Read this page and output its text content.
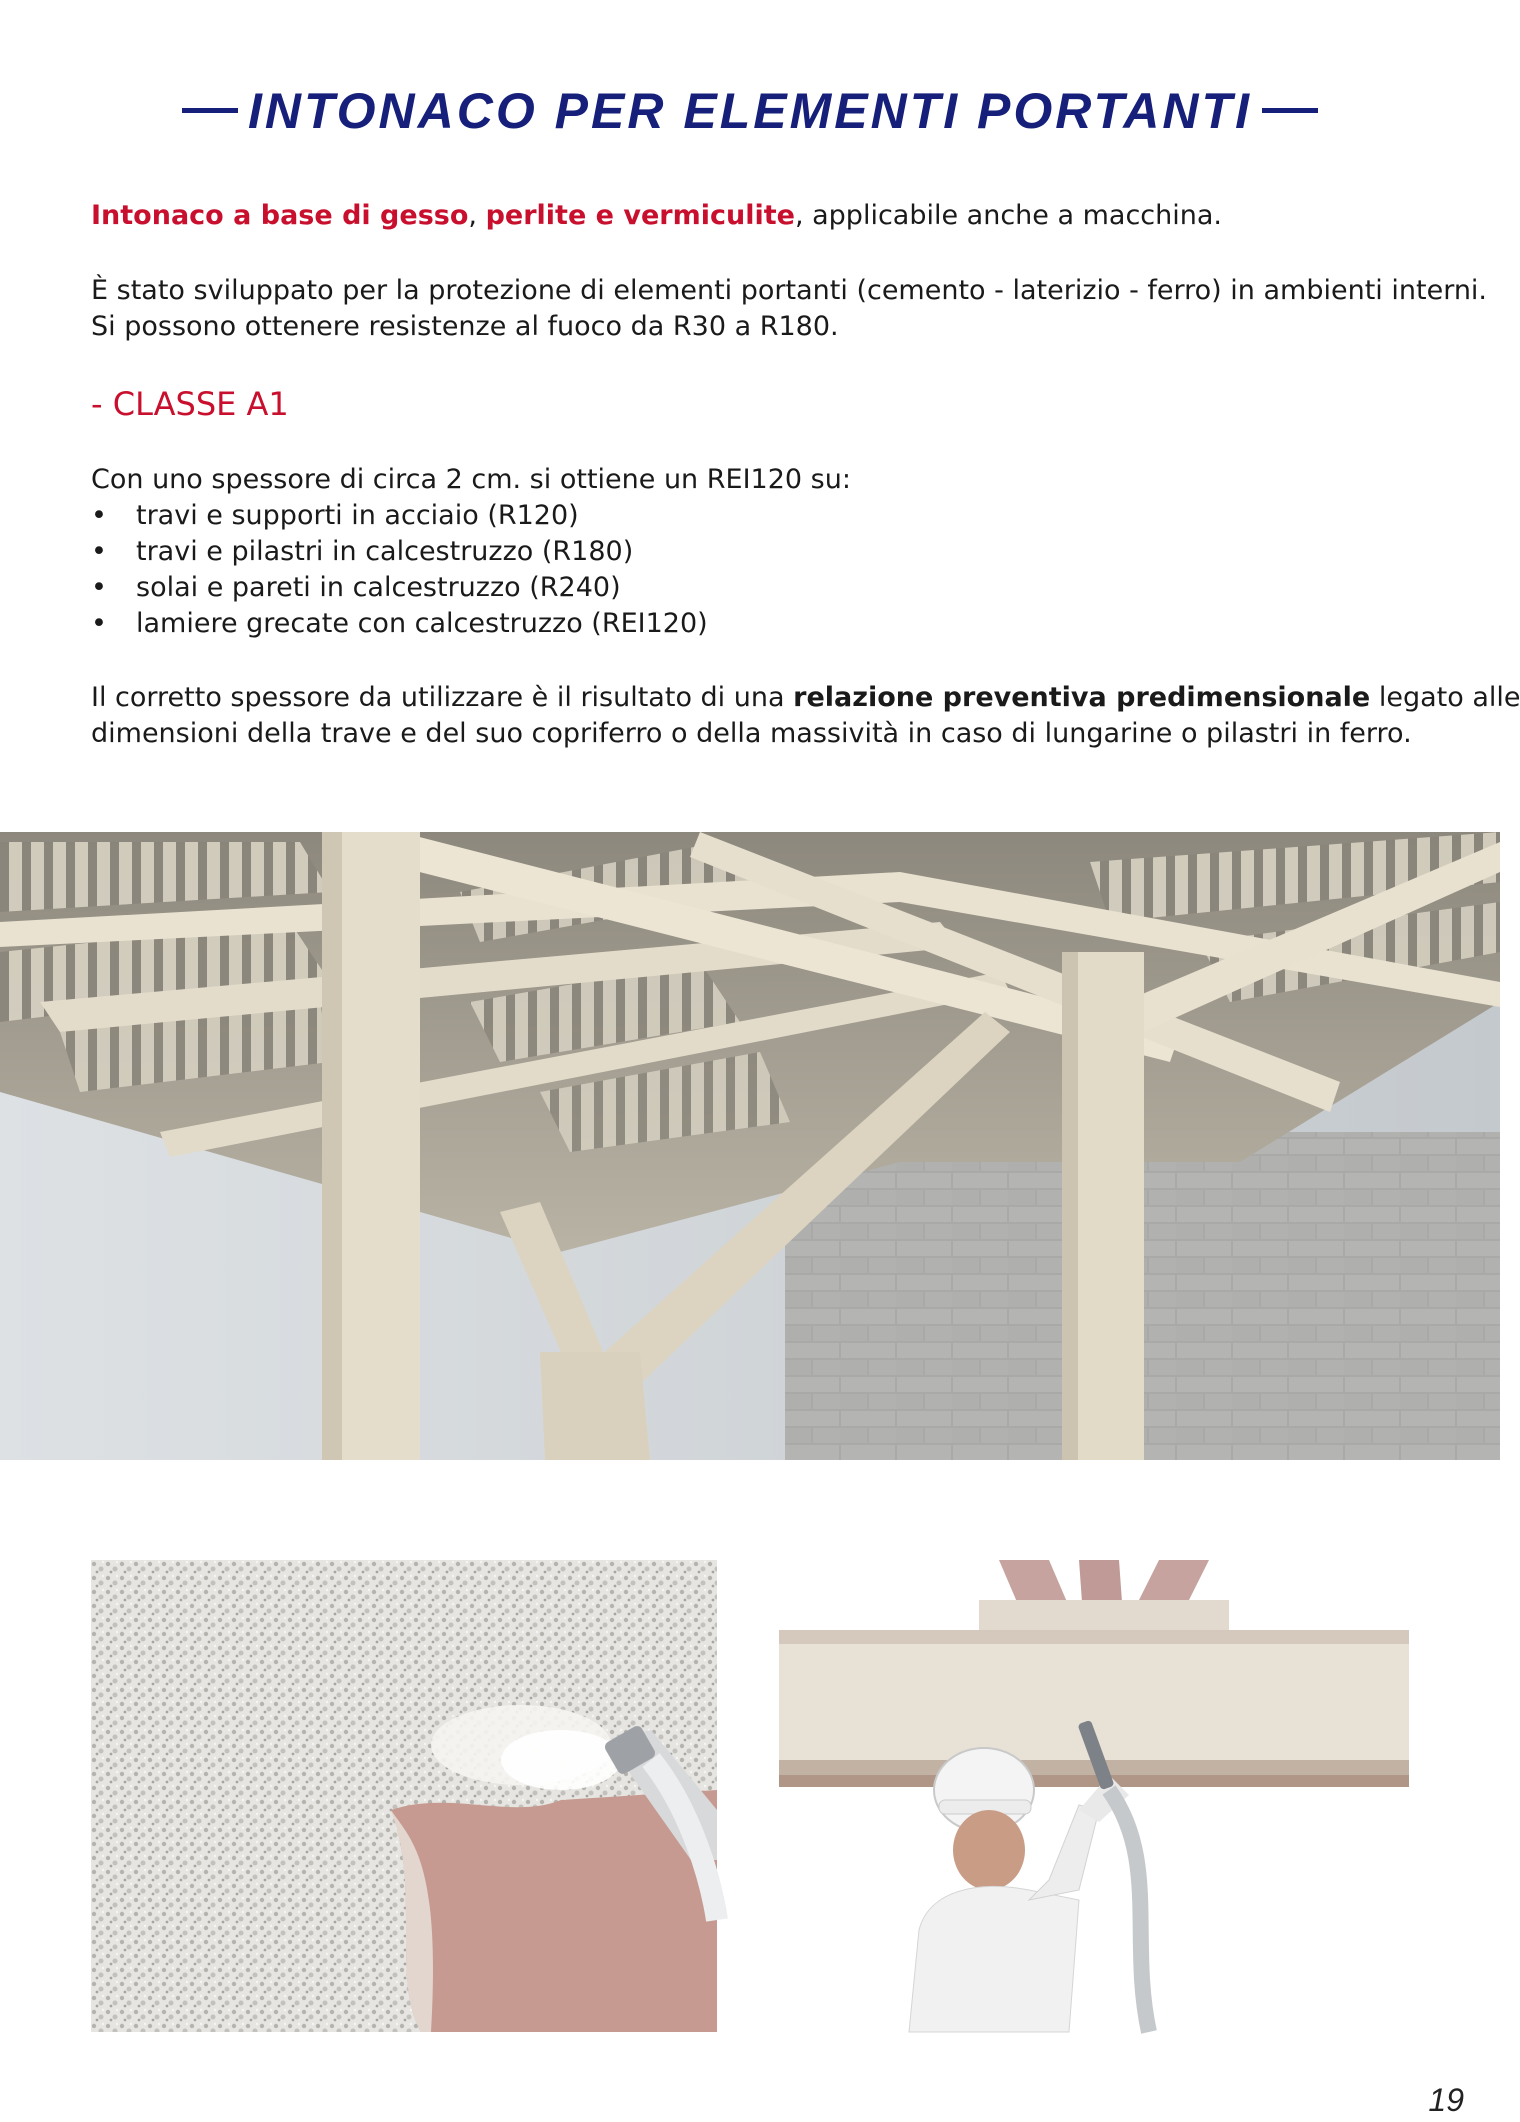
INTONACO PER ELEMENTI PORTANTI
Intonaco a base di gesso, perlite e vermiculite, applicabile anche a macchina.
È stato sviluppato per la protezione di elementi portanti (cemento - laterizio - ferro) in ambienti interni.
Si possono ottenere resistenze al fuoco da R30 a R180.
- CLASSE A1
Con uno spessore di circa 2 cm. si ottiene un REI120 su:
• travi e supporti in acciaio (R120)
• travi e pilastri in calcestruzzo (R180)
• solai e pareti in calcestruzzo (R240)
• lamiere grecate con calcestruzzo (REI120)
Il corretto spessore da utilizzare è il risultato di una relazione preventiva predimensionale legato alle
dimensioni della trave e del suo copriferro o della massività in caso di lungarine o pilastri in ferro.
19
